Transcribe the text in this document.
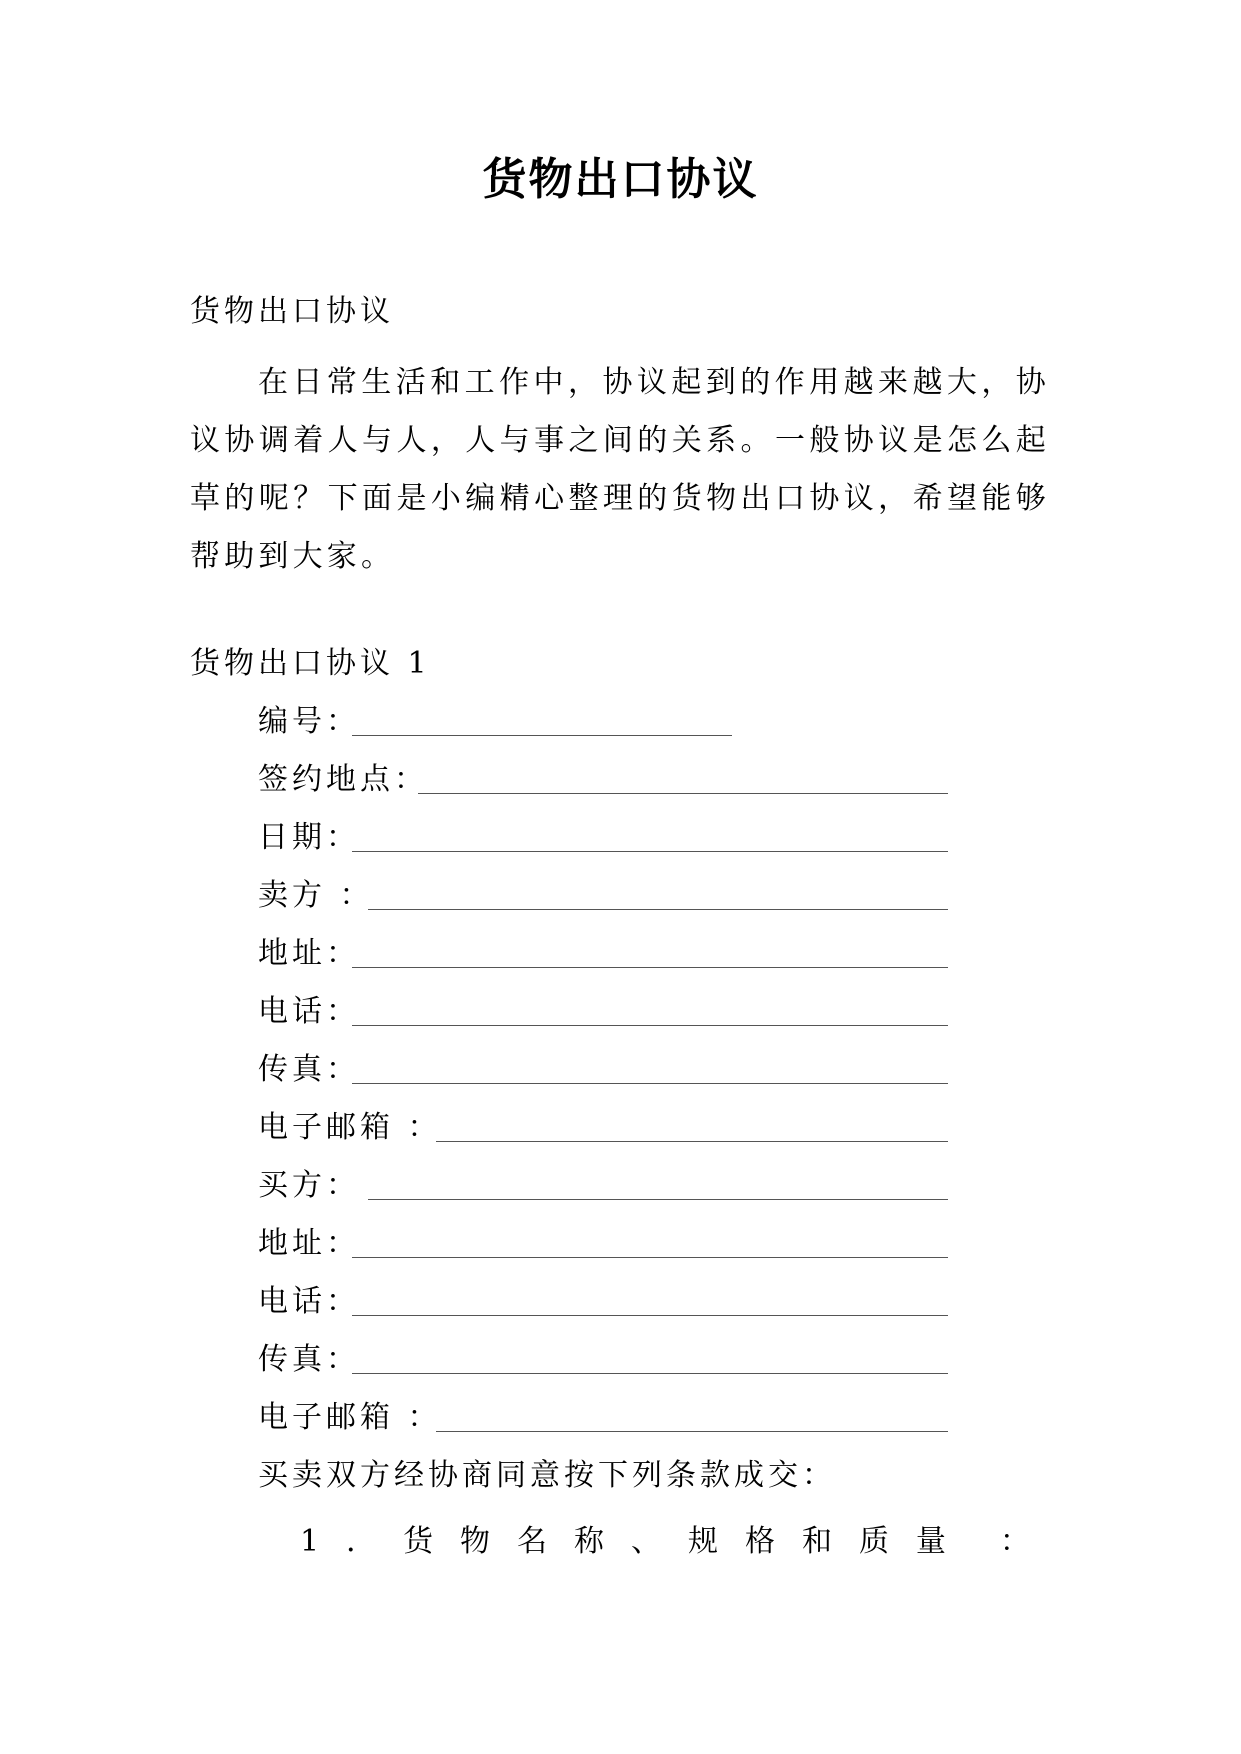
货物出口协议

货物出口协议

在日常生活和工作中，协议起到的作用越来越大，协议协调着人与人，人与事之间的关系。一般协议是怎么起草的呢？下面是小编精心整理的货物出口协议，希望能够帮助到大家。

货物出口协议 1

编号：
签约地点：
日期：
卖方 ：
地址：
电话：
传真：
电子邮箱 ：
买方：
地址：
电话：
传真：
电子邮箱 ：

买卖双方经协商同意按下列条款成交：

1 ． 货 物 名 称 、 规 格 和 质 量 ：
